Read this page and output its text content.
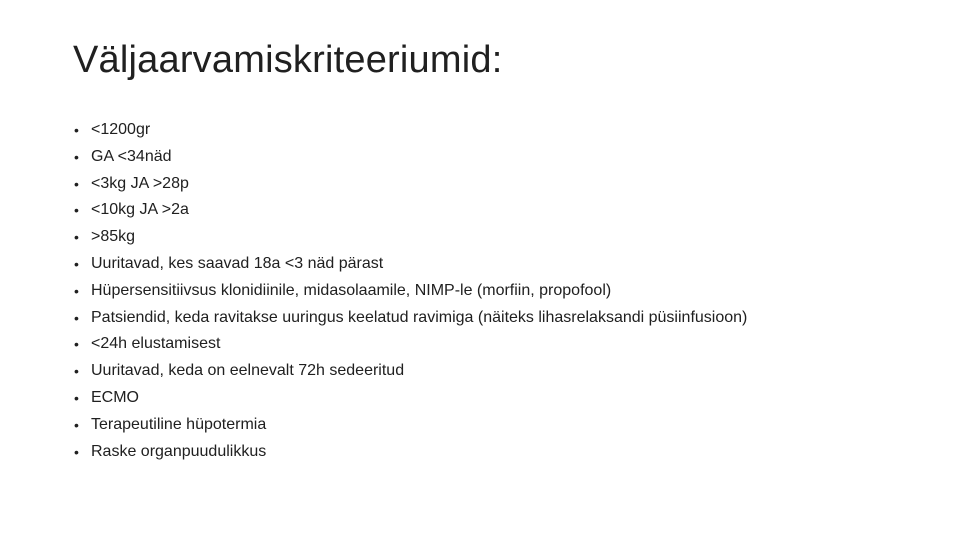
Väljaarvamiskriteeriumid:
• <1200gr
• GA <34näd
• <3kg JA >28p
• <10kg JA >2a
• >85kg
• Uuritavad, kes saavad 18a <3 näd pärast
• Hüpersensitiivsus klonidiinile, midasolaamile, NIMP-le (morfiin, propofool)
• Patsiendid, keda ravitakse uuringus keelatud ravimiga (näiteks lihasrelaksandi püsiinfusioon)
• <24h elustamisest
• Uuritavad, keda on eelnevalt 72h sedeeritud
• ECMO
• Terapeutiline hüpotermia
• Raske organpuudulikkus
